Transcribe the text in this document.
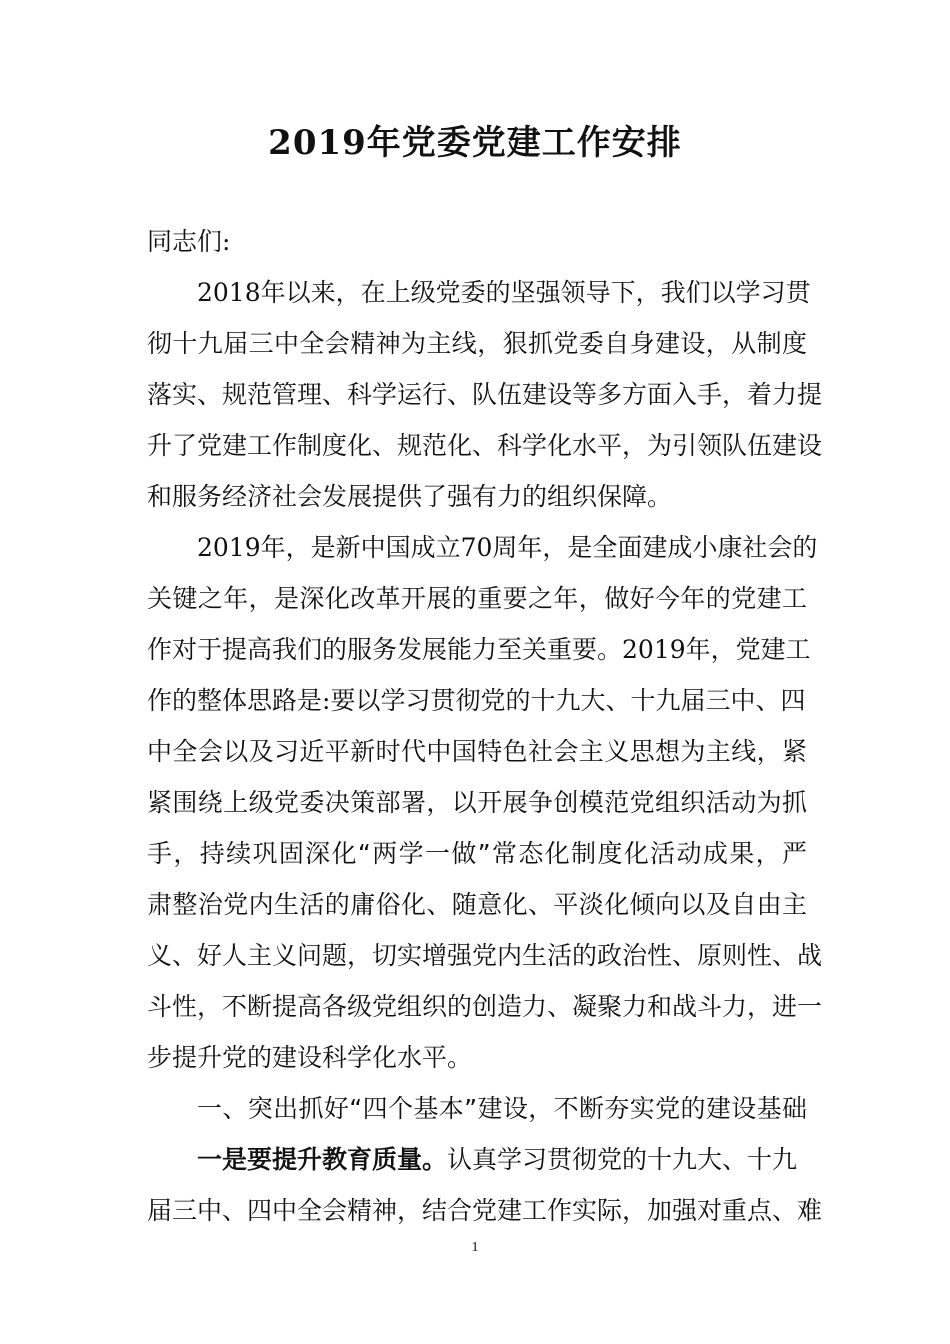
2019年党委党建工作安排
同志们:
2018年以来，在上级党委的坚强领导下，我们以学习贯
彻十九届三中全会精神为主线，狠抓党委自身建设，从制度
落实、规范管理、科学运行、队伍建设等多方面入手，着力提
升了党建工作制度化、规范化、科学化水平，为引领队伍建设
和服务经济社会发展提供了强有力的组织保障。
2019年，是新中国成立70周年，是全面建成小康社会的
关键之年，是深化改革开展的重要之年，做好今年的党建工
作对于提高我们的服务发展能力至关重要。2019年，党建工
作的整体思路是:要以学习贯彻党的十九大、十九届三中、四
中全会以及习近平新时代中国特色社会主义思想为主线，紧
紧围绕上级党委决策部署，以开展争创模范党组织活动为抓
手，持续巩固深化“两学一做”常态化制度化活动成果，严
肃整治党内生活的庸俗化、随意化、平淡化倾向以及自由主
义、好人主义问题，切实增强党内生活的政治性、原则性、战
斗性，不断提高各级党组织的创造力、凝聚力和战斗力，进一
步提升党的建设科学化水平。
一、突出抓好“四个基本”建设，不断夯实党的建设基础
一是要提升教育质量。认真学习贯彻党的十九大、十九
届三中、四中全会精神，结合党建工作实际，加强对重点、难
1
